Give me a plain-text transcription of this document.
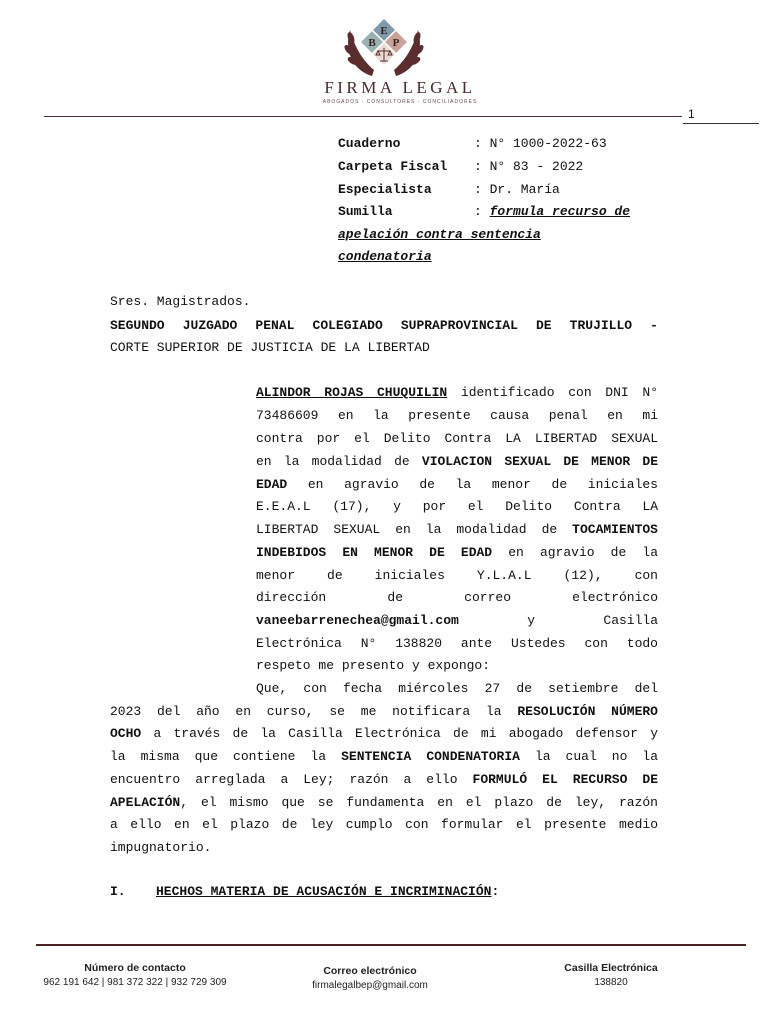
E
B P
FIRMA LEGAL
ABOGADOS - CONSULTORES - CONCILIADORES
1
Cuaderno	: N° 1000-2022-63
Carpeta Fiscal : N° 83 - 2022
Especialista	: Dr. María
Sumilla	: formula recurso de
apelación contra sentencia
condenatoria
Sres. Magistrados.
SEGUNDO JUZGADO PENAL COLEGIADO SUPRAPROVINCIAL DE TRUJILLO -
CORTE SUPERIOR DE JUSTICIA DE LA LIBERTAD
ALINDOR ROJAS CHUQUILIN identificado con DNI N°
73486609 en la presente causa penal en mi
contra por el Delito Contra LA LIBERTAD SEXUAL
en la modalidad de VIOLACION SEXUAL DE MENOR DE
EDAD en agravio de la menor de iniciales
E.E.A.L (17), y por el Delito Contra LA
LIBERTAD SEXUAL en la modalidad de TOCAMIENTOS
INDEBIDOS EN MENOR DE EDAD en agravio de la
menor de iniciales Y.L.A.L (12), con
dirección de correo electrónico
vaneebarrenechea@gmail.com y Casilla
Electrónica N° 138820 ante Ustedes con todo
respeto me presento y expongo:
Que, con fecha miércoles 27 de setiembre del
2023 del año en curso, se me notificara la RESOLUCIÓN NÚMERO
OCHO a través de la Casilla Electrónica de mi abogado defensor y
la misma que contiene la SENTENCIA CONDENATORIA la cual no la
encuentro arreglada a Ley; razón a ello FORMULÓ EL RECURSO DE
APELACIÓN, el mismo que se fundamenta en el plazo de ley, razón
a ello en el plazo de ley cumplo con formular el presente medio
impugnatorio.
I. HECHOS MATERIA DE ACUSACIÓN E INCRIMINACIÓN:
Número de contacto
962 191 642 | 981 372 322 | 932 729 309
Correo electrónico
firmalegalbep@gmail.com
Casilla Electrónica
138820
